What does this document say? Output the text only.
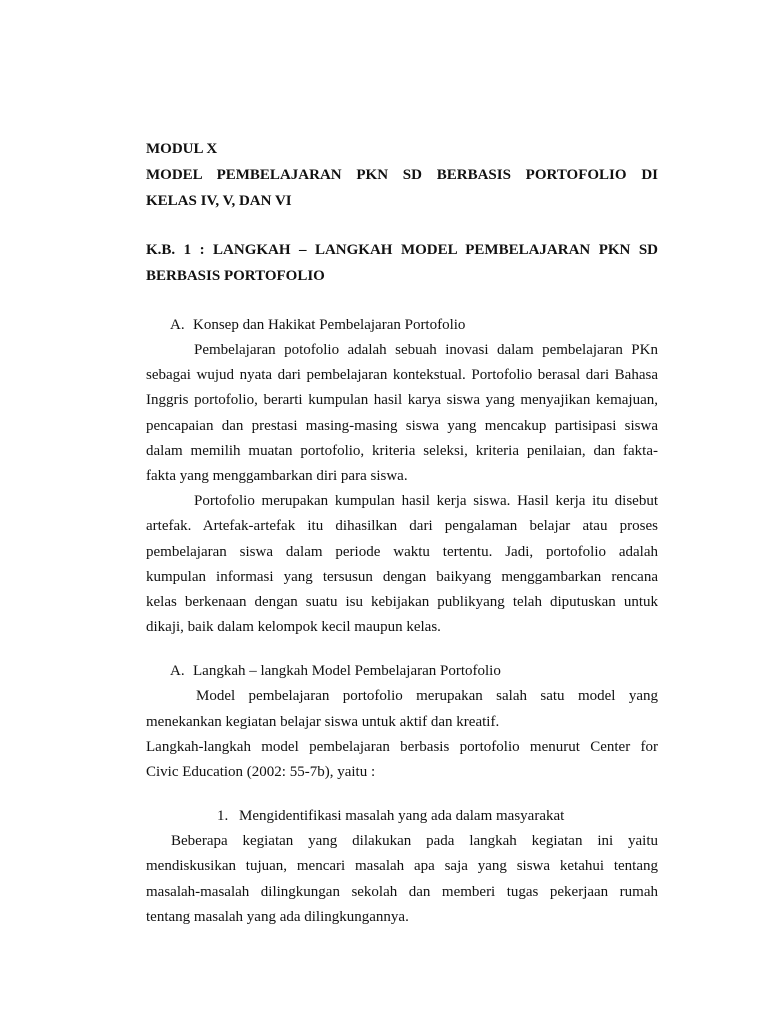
MODUL X

MODEL PEMBELAJARAN PKN SD BERBASIS PORTOFOLIO DI

KELAS IV, V, DAN VI

K.B. 1 : LANGKAH – LANGKAH MODEL PEMBELAJARAN PKN SD

BERBASIS PORTOFOLIO

A. Konsep dan Hakikat Pembelajaran Portofolio

Pembelajaran potofolio adalah sebuah inovasi dalam pembelajaran PKn
sebagai wujud nyata dari pembelajaran kontekstual. Portofolio berasal dari Bahasa
Inggris portofolio, berarti kumpulan hasil karya siswa yang menyajikan kemajuan,
pencapaian dan prestasi masing-masing siswa yang mencakup partisipasi siswa
dalam memilih muatan portofolio, kriteria seleksi, kriteria penilaian, dan fakta-
fakta yang menggambarkan diri para siswa.
Portofolio merupakan kumpulan hasil kerja siswa. Hasil kerja itu disebut
artefak. Artefak-artefak itu dihasilkan dari pengalaman belajar atau proses
pembelajaran siswa dalam periode waktu tertentu. Jadi, portofolio adalah
kumpulan informasi yang tersusun dengan baikyang menggambarkan rencana
kelas berkenaan dengan suatu isu kebijakan publikyang telah diputuskan untuk
dikaji, baik dalam kelompok kecil maupun kelas.

A. Langkah – langkah Model Pembelajaran Portofolio

Model pembelajaran portofolio merupakan salah satu model yang
menekankan kegiatan belajar siswa untuk aktif dan kreatif.
Langkah-langkah model pembelajaran berbasis portofolio menurut Center for
Civic Education (2002: 55-7b), yaitu :

1. Mengidentifikasi masalah yang ada dalam masyarakat

Beberapa kegiatan yang dilakukan pada langkah kegiatan ini yaitu
mendiskusikan tujuan, mencari masalah apa saja yang siswa ketahui tentang
masalah-masalah dilingkungan sekolah dan memberi tugas pekerjaan rumah
tentang masalah yang ada dilingkungannya.
